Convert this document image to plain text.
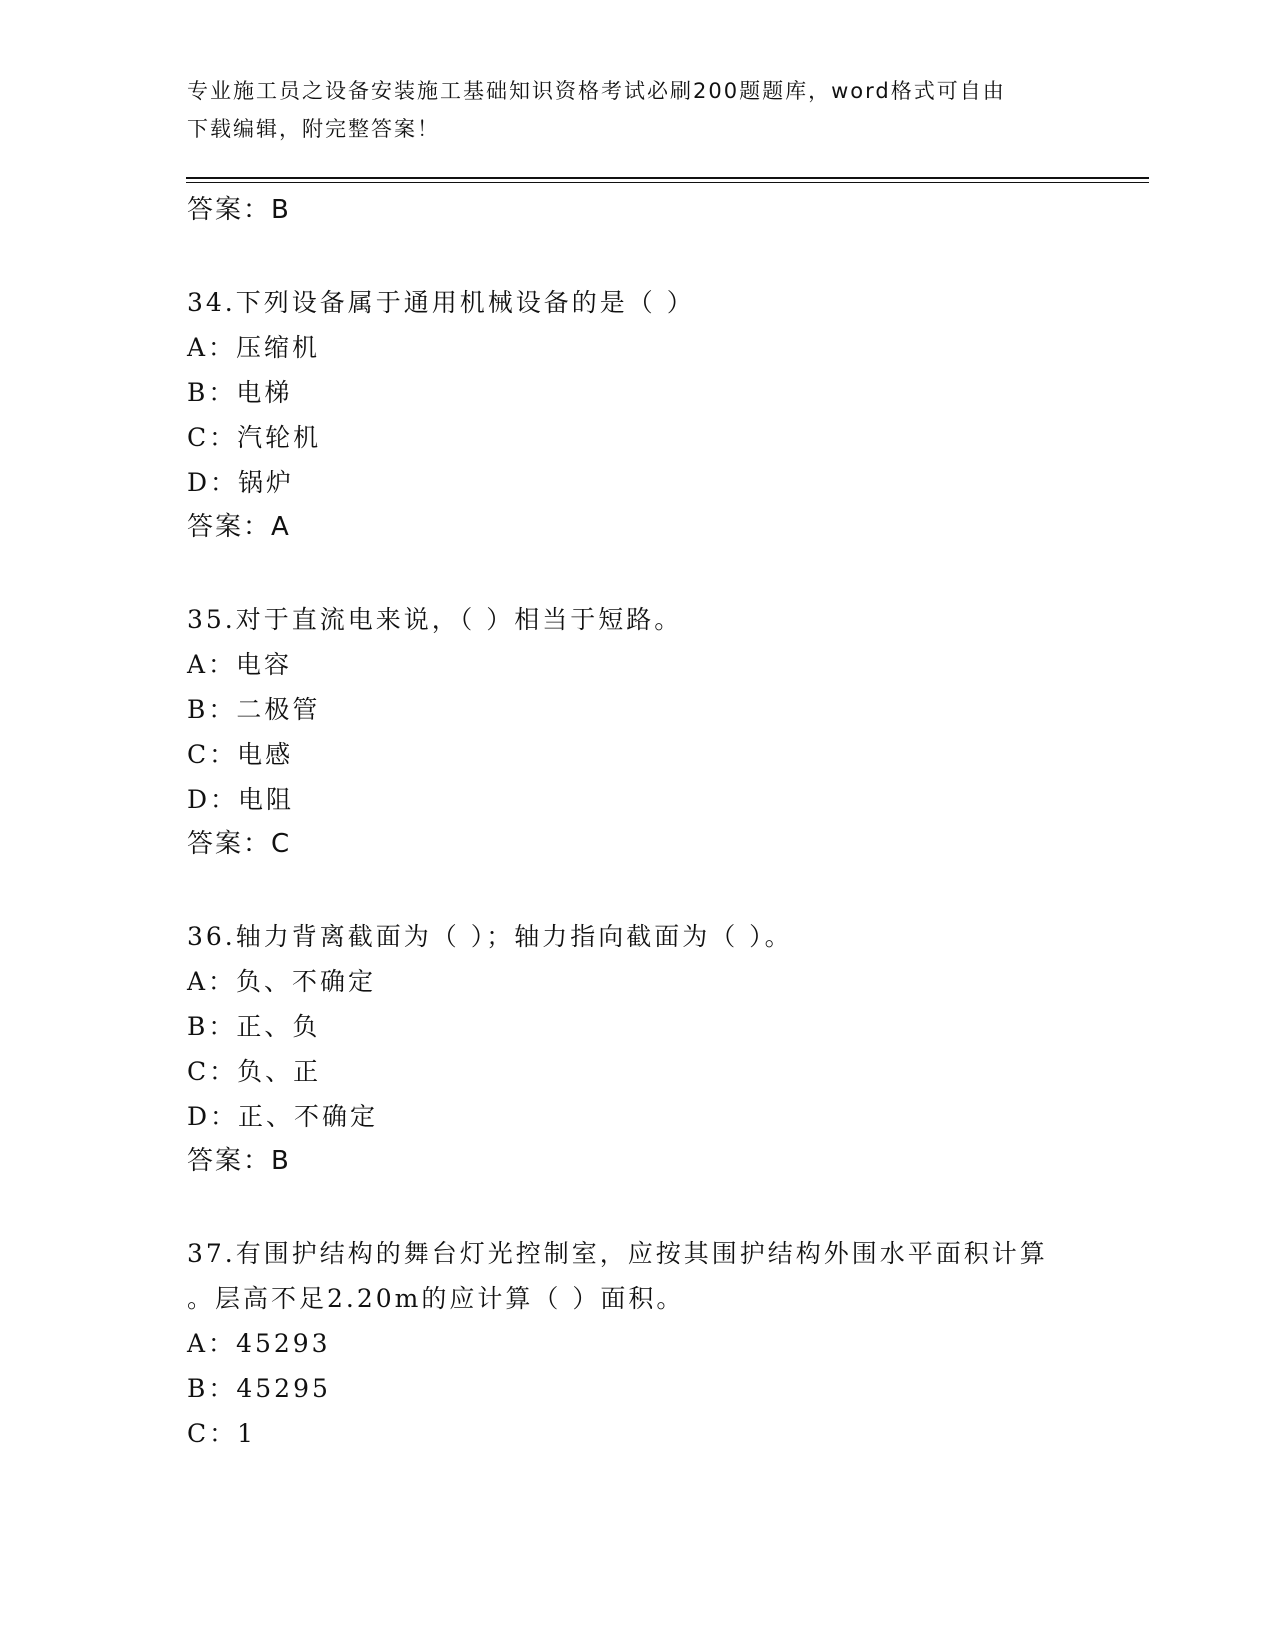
专业施工员之设备安装施工基础知识资格考试必刷200题题库，word格式可自由
下载编辑，附完整答案！
答案：B
34.下列设备属于通用机械设备的是（ ）
A：压缩机
B：电梯
C：汽轮机
D：锅炉
答案：A
35.对于直流电来说，（ ）相当于短路。
A：电容
B：二极管
C：电感
D：电阻
答案：C
36.轴力背离截面为（ ）；轴力指向截面为（ ）。
A：负、不确定
B：正、负
C：负、正
D：正、不确定
答案：B
37.有围护结构的舞台灯光控制室，应按其围护结构外围水平面积计算
。层高不足2.20m的应计算（ ）面积。
A：45293
B：45295
C：1
